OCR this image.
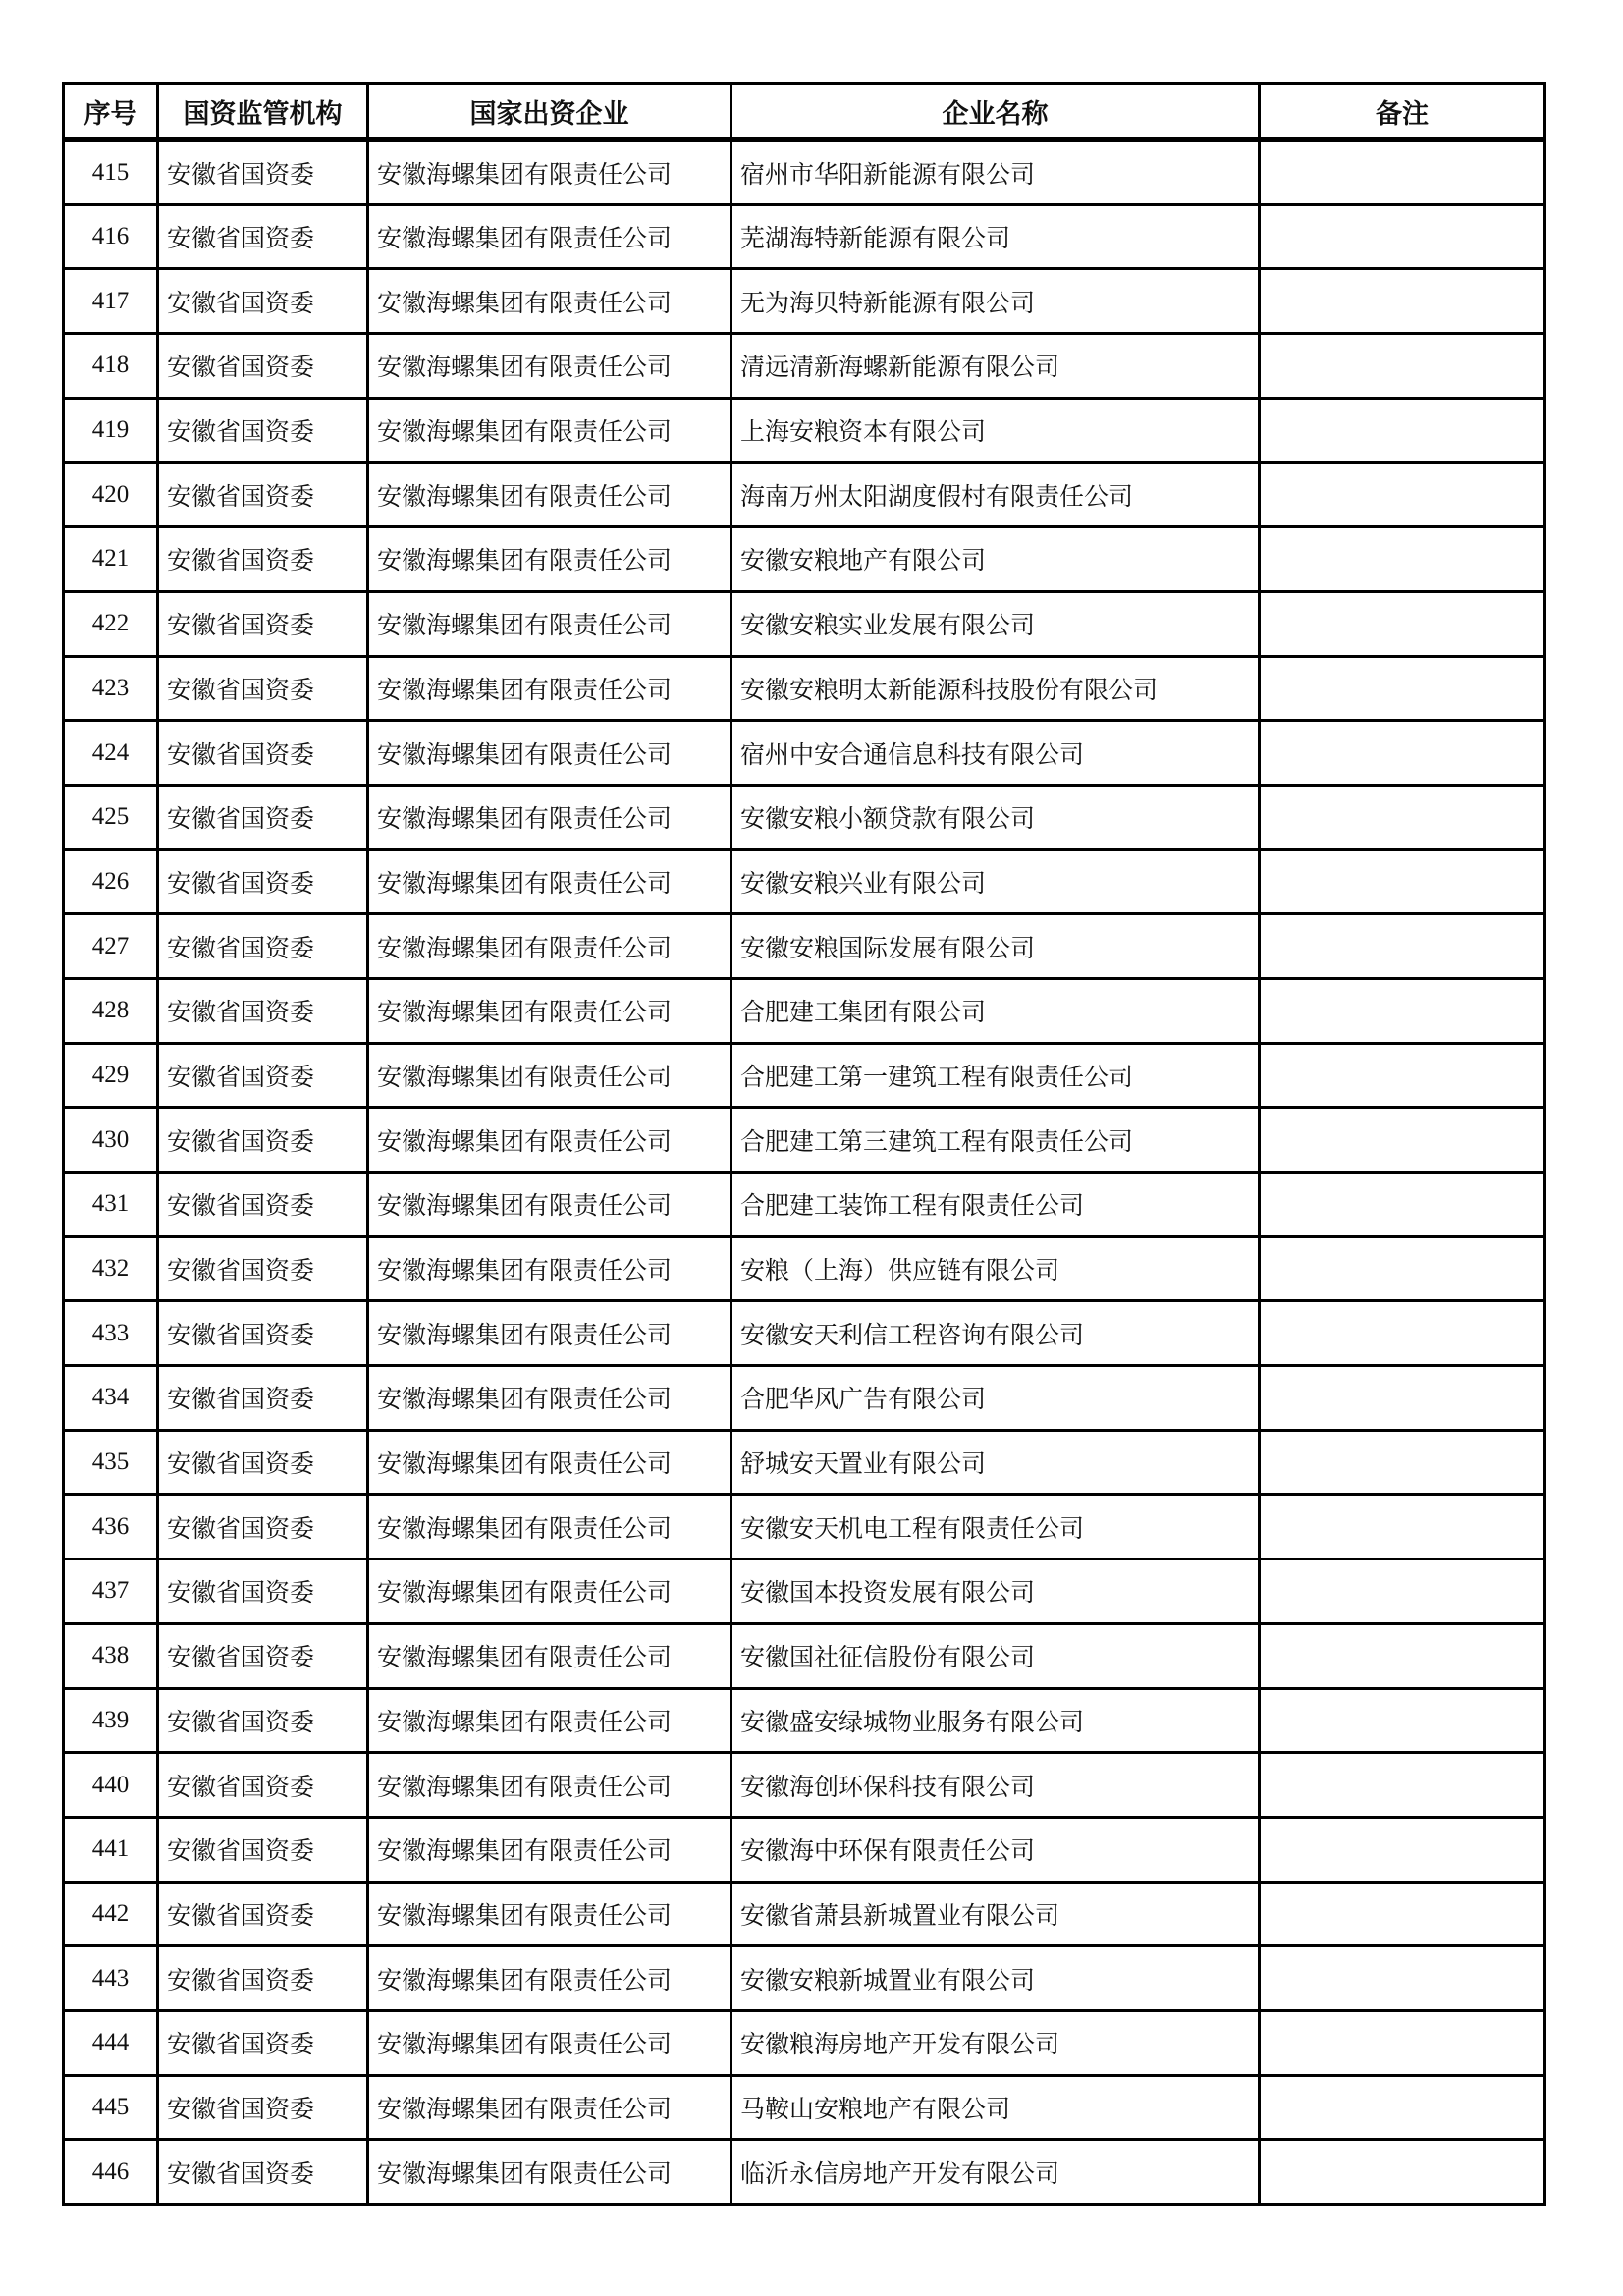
序号	国资监管机构	国家出资企业	企业名称	备注
415	安徽省国资委	安徽海螺集团有限责任公司	宿州市华阳新能源有限公司	
416	安徽省国资委	安徽海螺集团有限责任公司	芜湖海特新能源有限公司	
417	安徽省国资委	安徽海螺集团有限责任公司	无为海贝特新能源有限公司	
418	安徽省国资委	安徽海螺集团有限责任公司	清远清新海螺新能源有限公司	
419	安徽省国资委	安徽海螺集团有限责任公司	上海安粮资本有限公司	
420	安徽省国资委	安徽海螺集团有限责任公司	海南万州太阳湖度假村有限责任公司	
421	安徽省国资委	安徽海螺集团有限责任公司	安徽安粮地产有限公司	
422	安徽省国资委	安徽海螺集团有限责任公司	安徽安粮实业发展有限公司	
423	安徽省国资委	安徽海螺集团有限责任公司	安徽安粮明太新能源科技股份有限公司	
424	安徽省国资委	安徽海螺集团有限责任公司	宿州中安合通信息科技有限公司	
425	安徽省国资委	安徽海螺集团有限责任公司	安徽安粮小额贷款有限公司	
426	安徽省国资委	安徽海螺集团有限责任公司	安徽安粮兴业有限公司	
427	安徽省国资委	安徽海螺集团有限责任公司	安徽安粮国际发展有限公司	
428	安徽省国资委	安徽海螺集团有限责任公司	合肥建工集团有限公司	
429	安徽省国资委	安徽海螺集团有限责任公司	合肥建工第一建筑工程有限责任公司	
430	安徽省国资委	安徽海螺集团有限责任公司	合肥建工第三建筑工程有限责任公司	
431	安徽省国资委	安徽海螺集团有限责任公司	合肥建工装饰工程有限责任公司	
432	安徽省国资委	安徽海螺集团有限责任公司	安粮（上海）供应链有限公司	
433	安徽省国资委	安徽海螺集团有限责任公司	安徽安天利信工程咨询有限公司	
434	安徽省国资委	安徽海螺集团有限责任公司	合肥华风广告有限公司	
435	安徽省国资委	安徽海螺集团有限责任公司	舒城安天置业有限公司	
436	安徽省国资委	安徽海螺集团有限责任公司	安徽安天机电工程有限责任公司	
437	安徽省国资委	安徽海螺集团有限责任公司	安徽国本投资发展有限公司	
438	安徽省国资委	安徽海螺集团有限责任公司	安徽国社征信股份有限公司	
439	安徽省国资委	安徽海螺集团有限责任公司	安徽盛安绿城物业服务有限公司	
440	安徽省国资委	安徽海螺集团有限责任公司	安徽海创环保科技有限公司	
441	安徽省国资委	安徽海螺集团有限责任公司	安徽海中环保有限责任公司	
442	安徽省国资委	安徽海螺集团有限责任公司	安徽省萧县新城置业有限公司	
443	安徽省国资委	安徽海螺集团有限责任公司	安徽安粮新城置业有限公司	
444	安徽省国资委	安徽海螺集团有限责任公司	安徽粮海房地产开发有限公司	
445	安徽省国资委	安徽海螺集团有限责任公司	马鞍山安粮地产有限公司	
446	安徽省国资委	安徽海螺集团有限责任公司	临沂永信房地产开发有限公司	
